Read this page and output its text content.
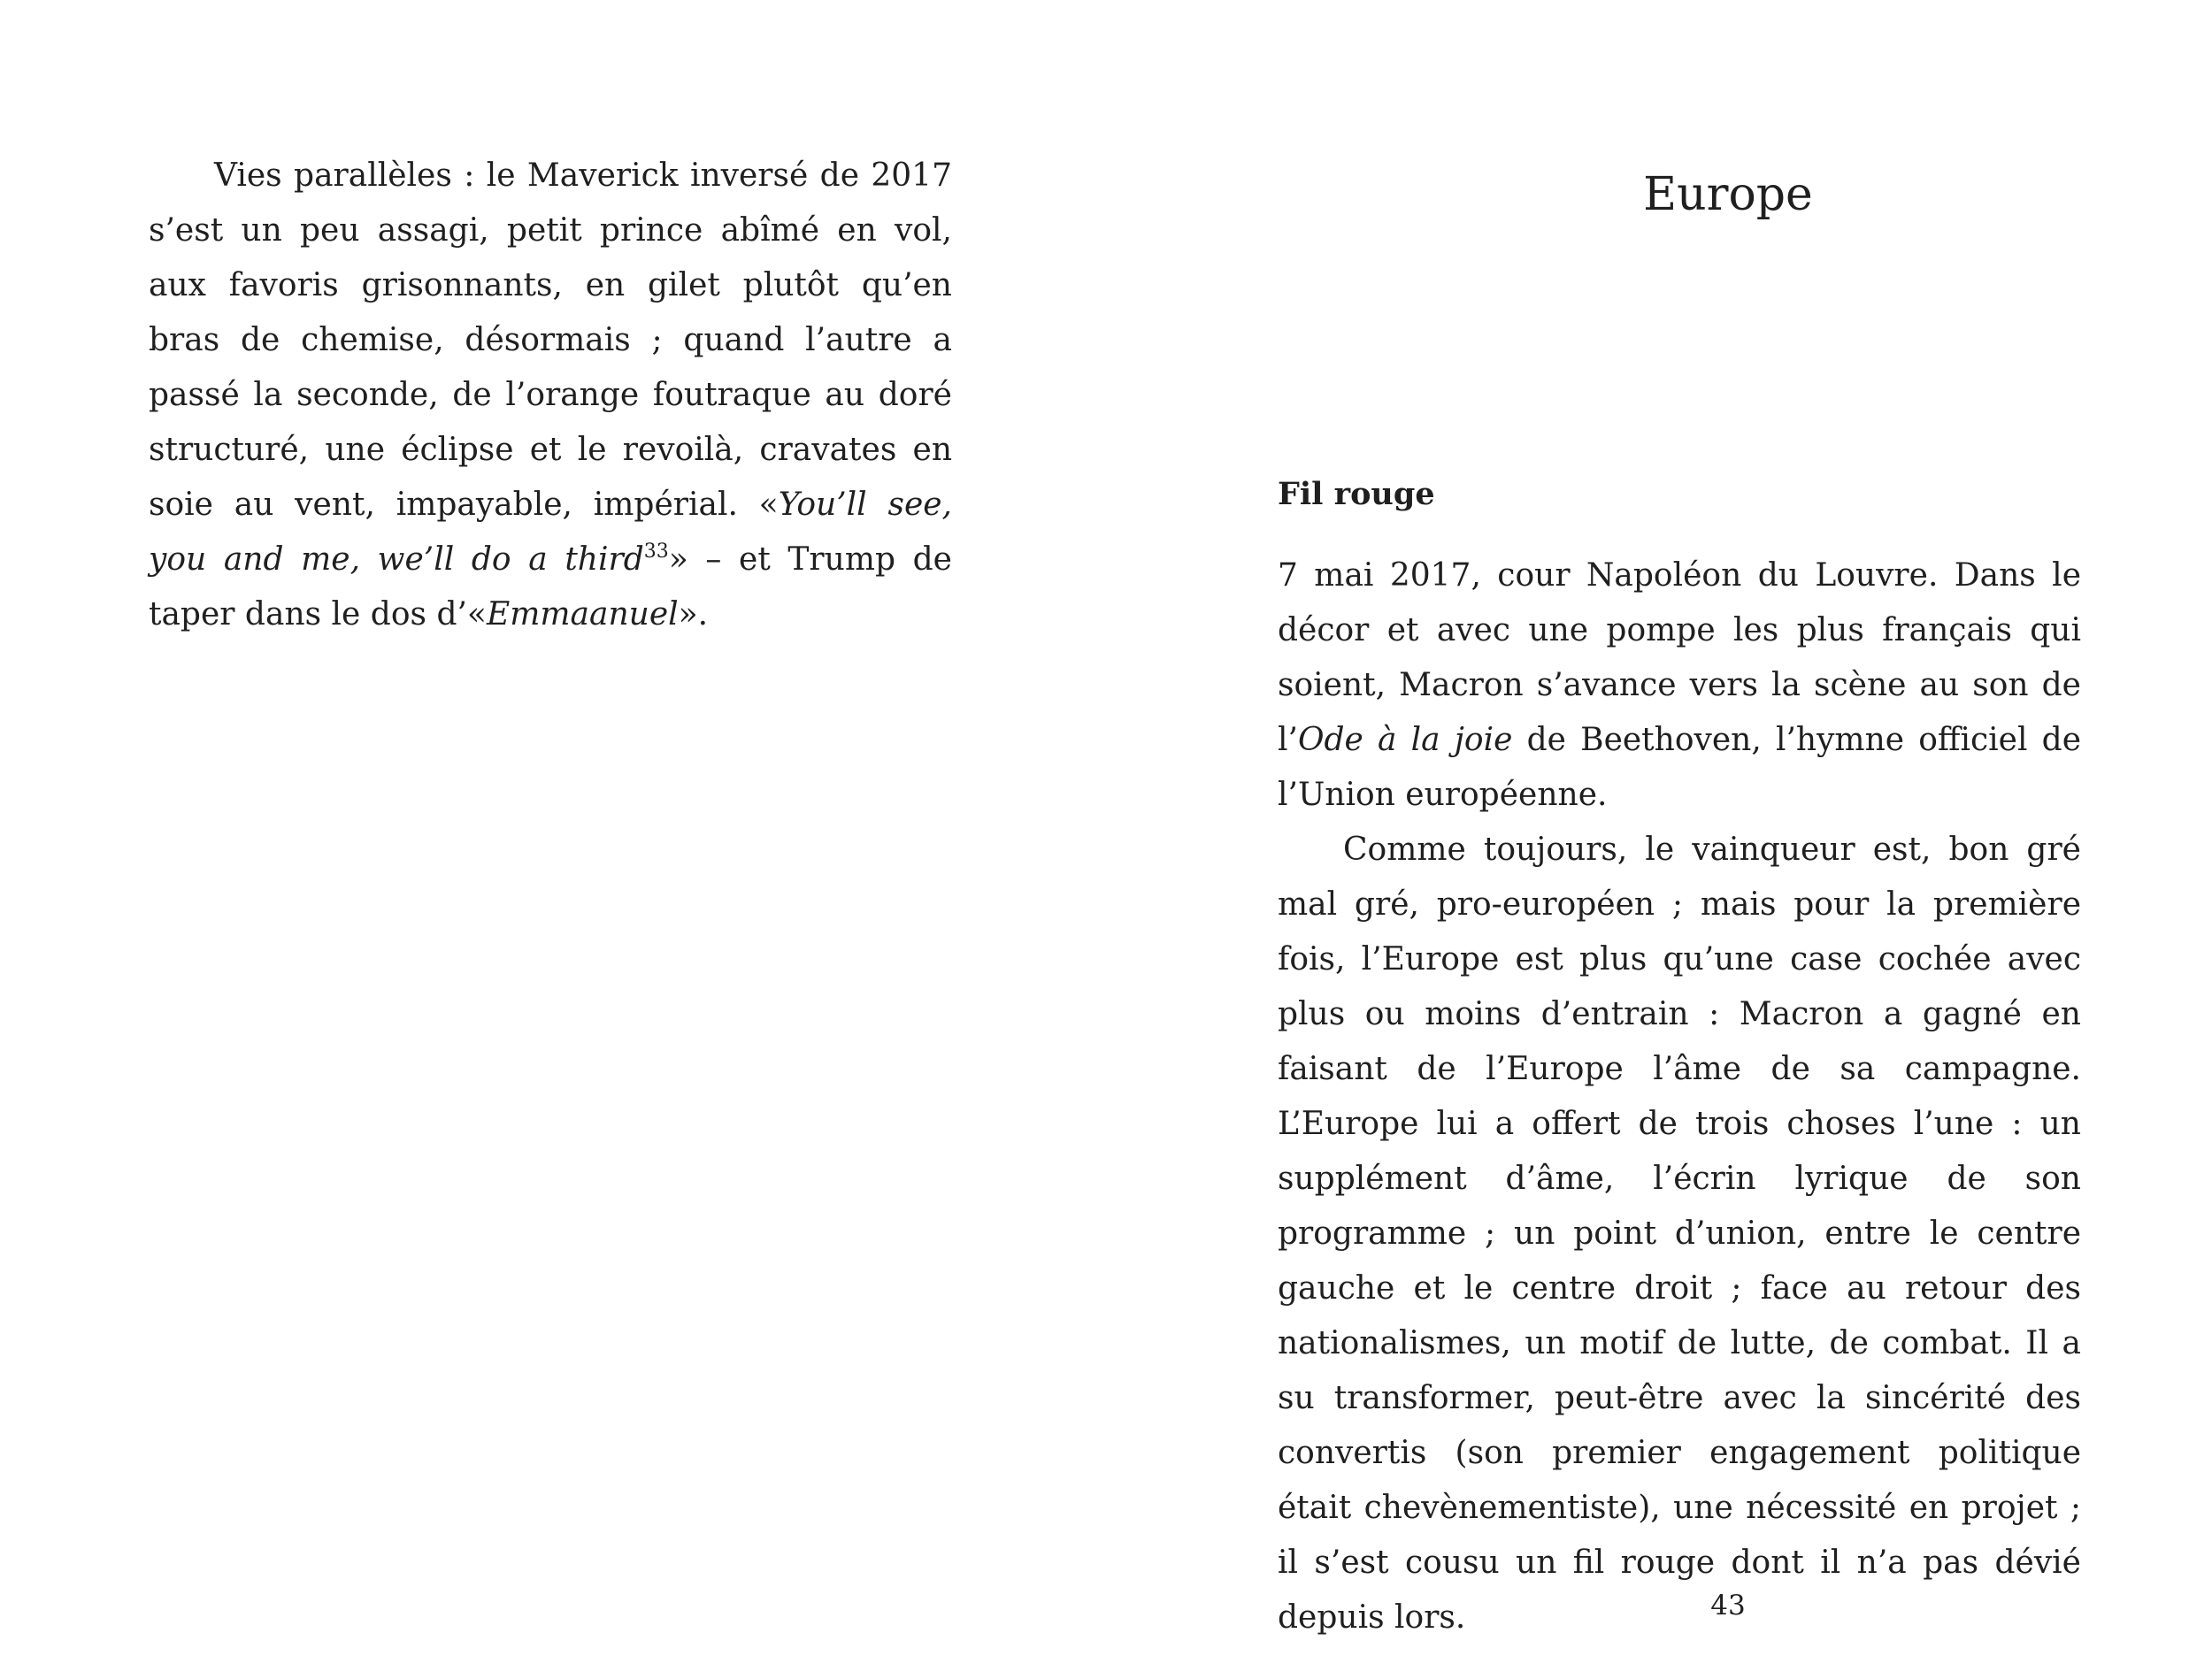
Vies parallèles : le Maverick inversé de 2017 s’est un peu assagi, petit prince abîmé en vol, aux favoris grisonnants, en gilet plutôt qu’en bras de chemise, désormais ; quand l’autre a passé la seconde, de l’orange foutraque au doré structuré, une éclipse et le revoilà, cravates en soie au vent, impayable, impérial. «You’ll see, you and me, we’ll do a third$^{33}$» – et Trump de taper dans le dos d’«Emmaanuel».

Europe
Fil rouge

7 mai 2017, cour Napoléon du Louvre. Dans le décor et avec une pompe les plus français qui soient, Macron s’avance vers la scène au son de l’Ode à la joie de Beethoven, l’hymne officiel de l’Union européenne.

Comme toujours, le vainqueur est, bon gré mal gré, pro-européen ; mais pour la première fois, l’Europe est plus qu’une case cochée avec plus ou moins d’entrain : Macron a gagné en faisant de l’Europe l’âme de sa campagne. L’Europe lui a offert de trois choses l’une : un supplément d’âme, l’écrin lyrique de son programme ; un point d’union, entre le centre gauche et le centre droit ; face au retour des nationalismes, un motif de lutte, de combat. Il a su transformer, peut-être avec la sincérité des convertis (son premier engagement politique était chevènementiste), une nécessité en projet ; il s’est cousu un fil rouge dont il n’a pas dévié depuis lors.	43
